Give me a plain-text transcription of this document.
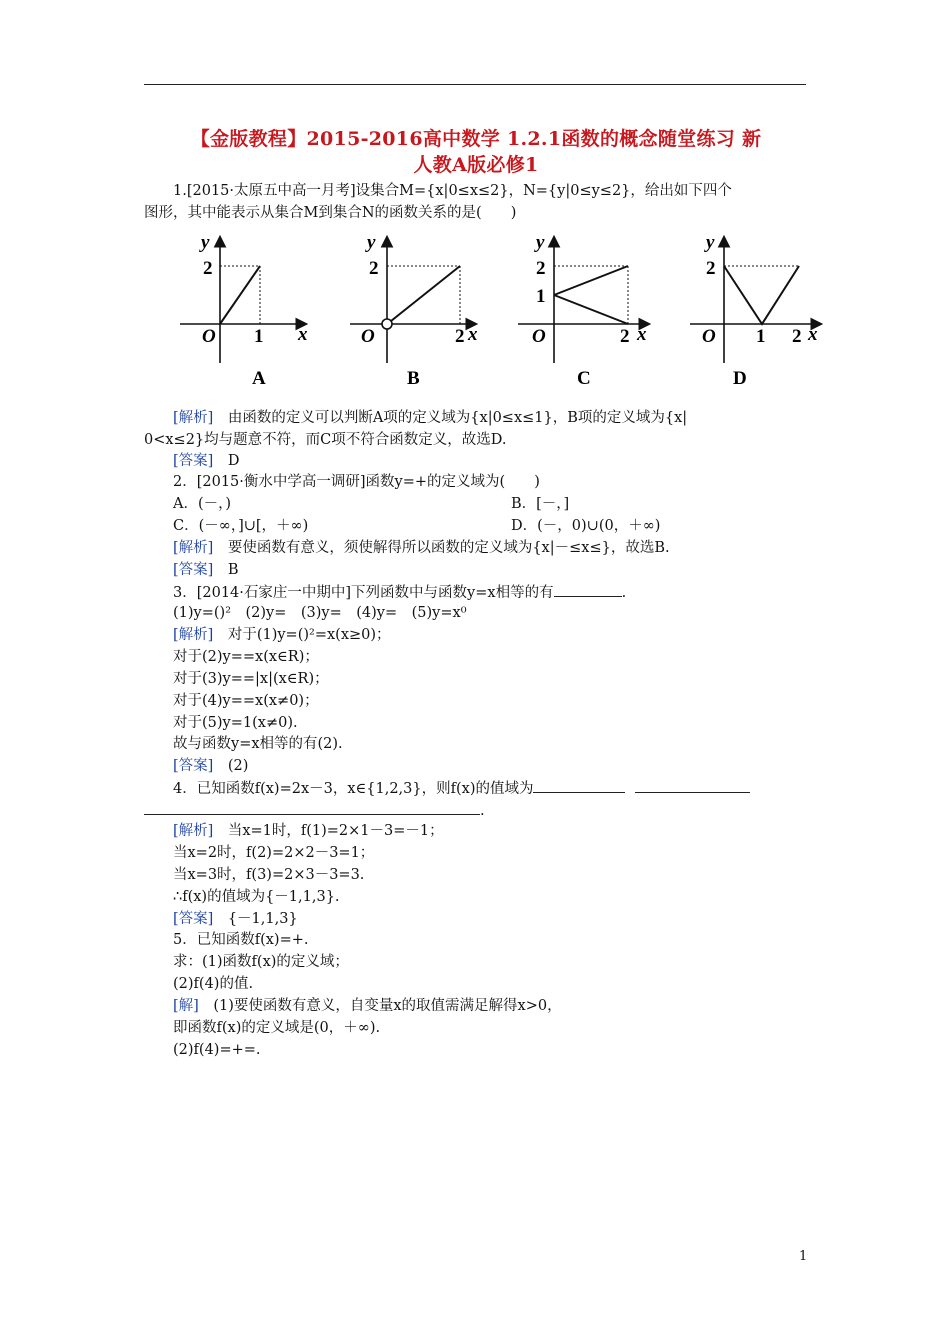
【金版教程】2015-2016高中数学 1.2.1函数的概念随堂练习 新
人教A版必修1
1.[2015·太原五中高一月考]设集合M={x|0≤x≤2}，N={y|0≤y≤2}，给出如下四个
图形，其中能表示从集合M到集合N的函数关系的是(　　)
y
x
2
O 1
A
y
x
2
O	2
B
y
x
2
1
O	2
C
y
x
2
O 1 2
D
[解析]　由函数的定义可以判断A项的定义域为{x|0≤x≤1}，B项的定义域为{x|
0<x≤2}均与题意不符，而C项不符合函数定义，故选D.
[答案]　D
2．[2015·衡水中学高一调研]函数y=+的定义域为(　　)
A．(－，)	B．[－，]
C．(－∞，]∪[，＋∞)	D．(－，0)∪(0，＋∞)
[解析]　要使函数有意义，须使解得所以函数的定义域为{x|－≤x≤}，故选B.
[答案]　B
3．[2014·石家庄一中期中]下列函数中与函数y=x相等的有	.
(1)y=()²　(2)y=　(3)y=　(4)y=　(5)y=x⁰
[解析]　对于(1)y=()²=x(x≥0)；
对于(2)y==x(x∈R)；
对于(3)y==|x|(x∈R)；
对于(4)y==x(x≠0)；
对于(5)y=1(x≠0).
故与函数y=x相等的有(2).
[答案]　(2)
4．已知函数f(x)=2x－3，x∈{1,2,3}，则f(x)的值域为
.
[解析]　当x=1时，f(1)=2×1－3=－1；
当x=2时，f(2)=2×2－3=1；
当x=3时，f(3)=2×3－3=3.
∴f(x)的值域为{－1,1,3}.
[答案]　{－1,1,3}
5．已知函数f(x)=+.
求：(1)函数f(x)的定义域；
(2)f(4)的值.
[解]　(1)要使函数有意义，自变量x的取值需满足解得x>0，
即函数f(x)的定义域是(0，＋∞).
(2)f(4)=+=.
1
